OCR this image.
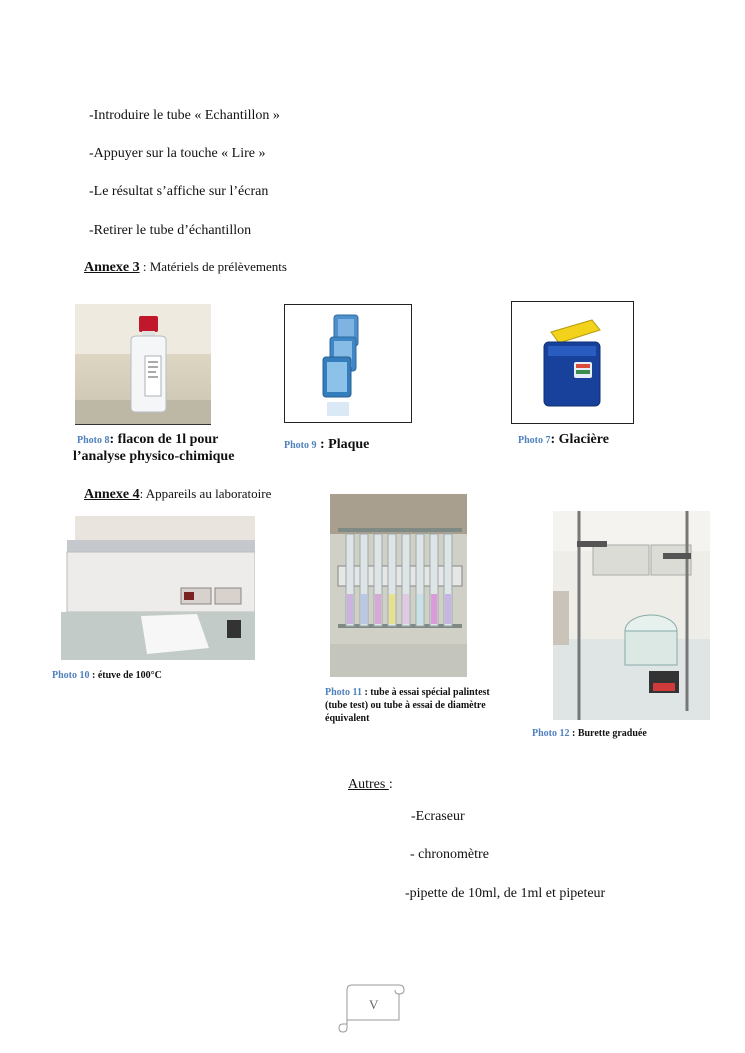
-Introduire le tube « Echantillon »
-Appuyer sur la touche « Lire »
-Le résultat s’affiche sur l’écran
-Retirer le tube d’échantillon
Annexe 3 : Matériels de prélèvements
Photo 8: flacon de 1l pour
l’analyse physico-chimique
Photo 9 : Plaque	Photo 7: Glacière
Annexe 4: Appareils au laboratoire
Photo 10 : étuve de 100°C
Photo 11 : tube à essai spécial palintest (tube test) ou tube à essai de diamètre équivalent
Photo 12 : Burette graduée
Autres :
-Ecraseur
- chronomètre
-pipette de 10ml, de 1ml et pipeteur
V
